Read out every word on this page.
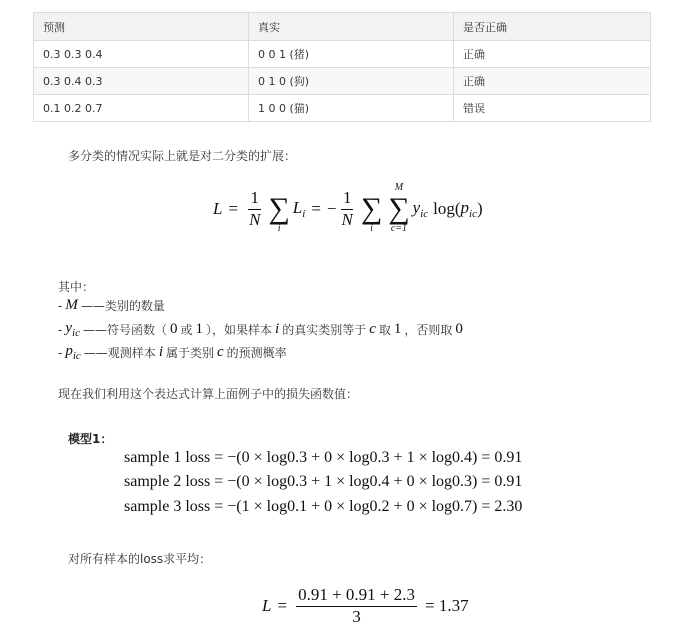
预测	真实	是否正确
0.3 0.3 0.4	0 0 1 (猪)	正确
0.3 0.4 0.3	0 1 0 (狗)	正确
0.1 0.2 0.7	1 0 0 (猫)	错误
多分类的情况实际上就是对二分类的扩展：
$L = \frac{1}{N}$ ∑
i
$L_i$ = − $\frac{1}{N}$ ∑
i
M
∑
c=1
$y_{ic}$ log ( $p_{ic}$ )
其中：
- M ——类别的数量
- $y_{ic}$ ——符号函数（ 0 或 1 ），如果样本 i 的真实类别等于 c 取 1 ，否则取 0
- $p_{ic}$ ——观测样本 i 属于类别 c 的预测概率
现在我们利用这个表达式计算上面例子中的损失函数值：
模型1：
sample 1 loss = −(0 × log0.3 + 0 × log0.3 + 1 × log0.4) = 0.91
sample 2 loss = −(0 × log0.3 + 1 × log0.4 + 0 × log0.3) = 0.91
sample 3 loss = −(1 × log0.1 + 0 × log0.2 + 0 × log0.7) = 2.30
对所有样本的loss求平均：
$L = \frac{0.91 + 0.91 + 2.3}{3} = 1.37$
